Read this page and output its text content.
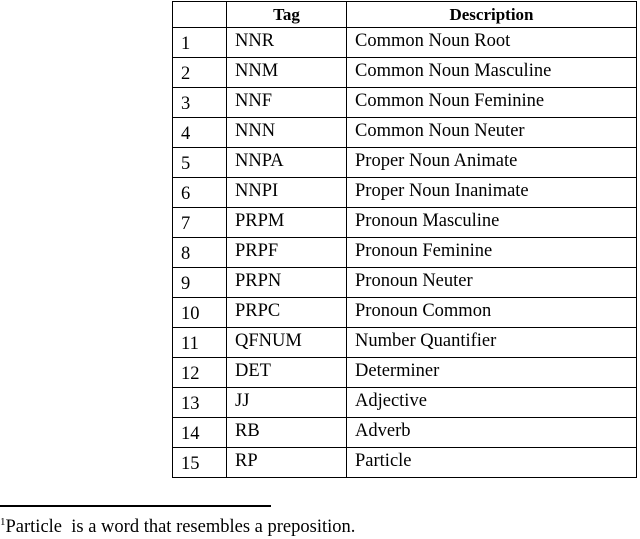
	Tag	Description
1	NNR	Common Noun Root
2	NNM	Common Noun Masculine
3	NNF	Common Noun Feminine
4	NNN	Common Noun Neuter
5	NNPA	Proper Noun Animate
6	NNPI	Proper Noun Inanimate
7	PRPM	Pronoun Masculine
8	PRPF	Pronoun Feminine
9	PRPN	Pronoun Neuter
10	PRPC	Pronoun Common
11	QFNUM	Number Quantifier
12	DET	Determiner
13	JJ	Adjective
14	RB	Adverb
15	RP	Particle
$^1$Particle  is a word that resembles a preposition.
